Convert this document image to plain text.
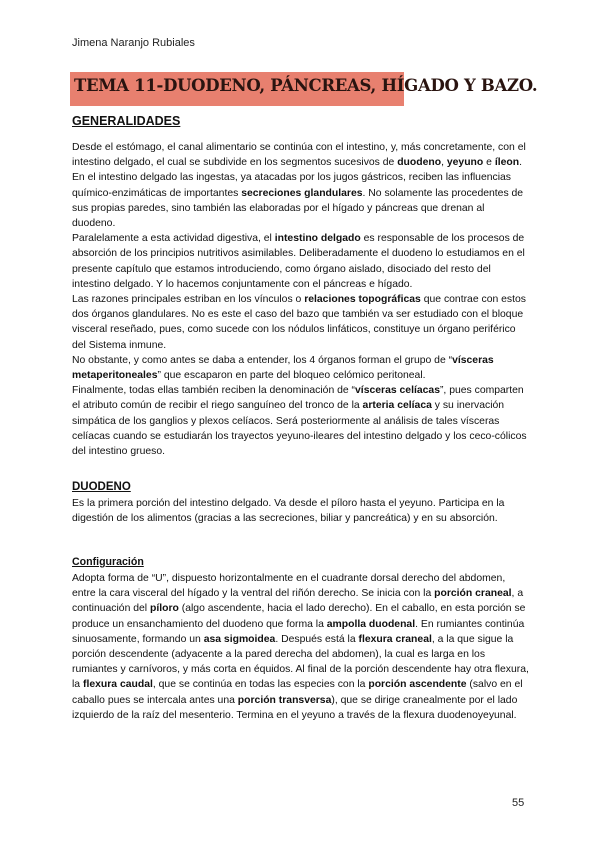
Jimena Naranjo Rubiales
TEMA 11-DUODENO, PÁNCREAS, HÍGADO Y BAZO.
GENERALIDADES

Desde el estómago, el canal alimentario se continúa con el intestino, y, más concretamente, con el intestino delgado, el cual se subdivide en los segmentos sucesivos de duodeno, yeyuno e íleon. En el intestino delgado las ingestas, ya atacadas por los jugos gástricos, reciben las influencias químico-enzimáticas de importantes secreciones glandulares. No solamente las procedentes de sus propias paredes, sino también las elaboradas por el hígado y páncreas que drenan al duodeno.

Paralelamente a esta actividad digestiva, el intestino delgado es responsable de los procesos de absorción de los principios nutritivos asimilables. Deliberadamente el duodeno lo estudiamos en el presente capítulo que estamos introduciendo, como órgano aislado, disociado del resto del intestino delgado. Y lo hacemos conjuntamente con el páncreas e hígado.

Las razones principales estriban en los vínculos o relaciones topográficas que contrae con estos dos órganos glandulares. No es este el caso del bazo que también va ser estudiado con el bloque visceral reseñado, pues, como sucede con los nódulos linfáticos, constituye un órgano periférico del Sistema inmune.

No obstante, y como antes se daba a entender, los 4 órganos forman el grupo de “vísceras metaperitoneales” que escaparon en parte del bloqueo celómico peritoneal.

Finalmente, todas ellas también reciben la denominación de “vísceras celíacas”, pues comparten el atributo común de recibir el riego sanguíneo del tronco de la arteria celíaca y su inervación simpática de los ganglios y plexos celíacos. Será posteriormente al análisis de tales vísceras celíacas cuando se estudiarán los trayectos yeyuno-ileares del intestino delgado y los ceco-cólicos del intestino grueso.

DUODENO

Es la primera porción del intestino delgado. Va desde el píloro hasta el yeyuno. Participa en la digestión de los alimentos (gracias a las secreciones, biliar y pancreática) y en su absorción.

Configuración

Adopta forma de “U”, dispuesto horizontalmente en el cuadrante dorsal derecho del abdomen, entre la cara visceral del hígado y la ventral del riñón derecho. Se inicia con la porción craneal, a continuación del píloro (algo ascendente, hacia el lado derecho). En el caballo, en esta porción se produce un ensanchamiento del duodeno que forma la ampolla duodenal. En rumiantes continúa sinuosamente, formando un asa sigmoidea. Después está la flexura craneal, a la que sigue la porción descendente (adyacente a la pared derecha del abdomen), la cual es larga en los rumiantes y carnívoros, y más corta en équidos. Al final de la porción descendente hay otra flexura, la flexura caudal, que se continúa en todas las especies con la porción ascendente (salvo en el caballo pues se intercala antes una porción transversa), que se dirige cranealmente por el lado izquierdo de la raíz del mesenterio. Termina en el yeyuno a través de la flexura duodenoyeyunal.

55
